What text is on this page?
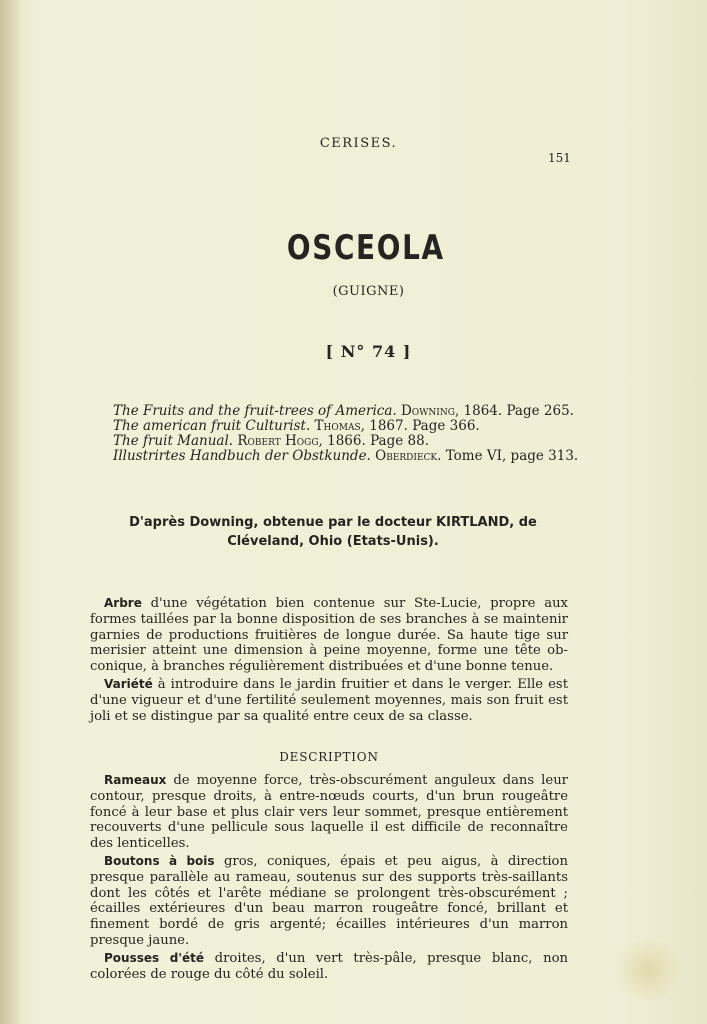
CERISES.
151
OSCEOLA
(GUIGNE)
[ N° 74 ]
The Fruits and the fruit-trees of America. Downing, 1864. Page 265.
The american fruit Culturist. Thomas, 1867. Page 366.
The fruit Manual. Robert Hogg, 1866. Page 88.
Illustrirtes Handbuch der Obstkunde. Oberdieck. Tome VI, page 313.
D'après Downing, obtenue par le docteur KIRTLAND, de Cléveland, Ohio (Etats-Unis).

Arbre d'une végétation bien contenue sur Ste-Lucie, propre aux formes taillées par la bonne disposition de ses branches à se maintenir garnies de productions fruitières de longue durée. Sa haute tige sur merisier atteint une dimension à peine moyenne, forme une tête ob-conique, à branches régulièrement distribuées et d'une bonne tenue.

Variété à introduire dans le jardin fruitier et dans le verger. Elle est d'une vigueur et d'une fertilité seulement moyennes, mais son fruit est joli et se distingue par sa qualité entre ceux de sa classe.

DESCRIPTION

Rameaux de moyenne force, très-obscurément anguleux dans leur contour, presque droits, à entre-nœuds courts, d'un brun rougeâtre foncé à leur base et plus clair vers leur sommet, presque entièrement recouverts d'une pellicule sous laquelle il est difficile de reconnaître des lenticelles.

Boutons à bois gros, coniques, épais et peu aigus, à direction presque parallèle au rameau, soutenus sur des supports très-saillants dont les côtés et l'arête médiane se prolongent très-obscurément ; écailles extérieures d'un beau marron rougeâtre foncé, brillant et finement bordé de gris argenté; écailles intérieures d'un marron presque jaune.

Pousses d'été droites, d'un vert très-pâle, presque blanc, non colorées de rouge du côté du soleil.
